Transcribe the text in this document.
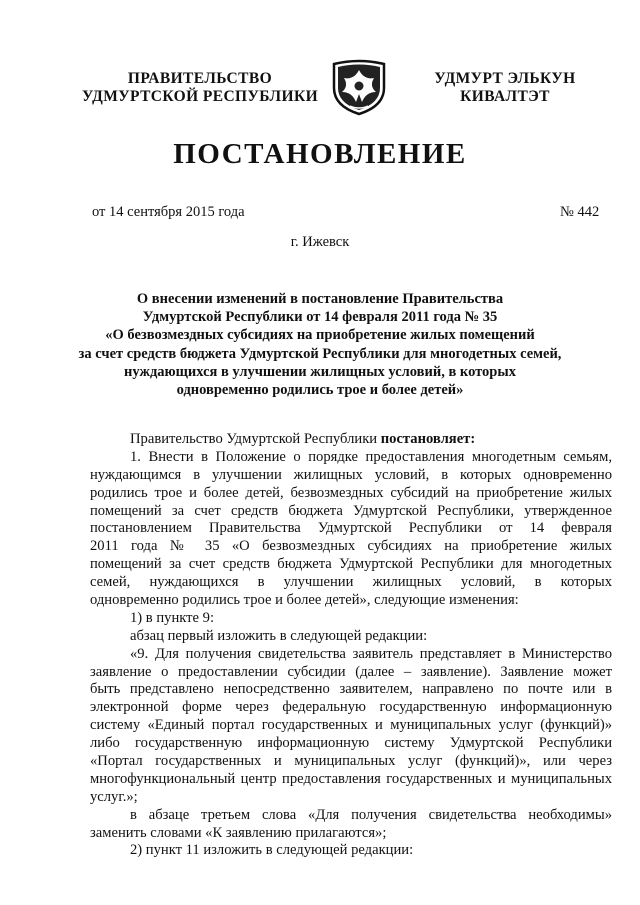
ПРАВИТЕЛЬСТВО
УДМУРТСКОЙ РЕСПУБЛИКИ
УДМУРТ ЭЛЬКУН
КИВАЛТЭТ
ПОСТАНОВЛЕНИЕ
от 14 сентября 2015 года	№ 442
г. Ижевск
О внесении изменений в постановление Правительства
Удмуртской Республики от 14 февраля 2011 года № 35
«О безвозмездных субсидиях на приобретение жилых помещений
за счет средств бюджета Удмуртской Республики для многодетных семей,
нуждающихся в улучшении жилищных условий, в которых
одновременно родились трое и более детей»
Правительство Удмуртской Республики постановляет:
1. Внести в Положение о порядке предоставления многодетным семьям,
нуждающимся в улучшении жилищных условий, в которых одновременно
родились трое и более детей, безвозмездных субсидий на приобретение жилых
помещений за счет средств бюджета Удмуртской Республики, утвержденное
постановлением Правительства Удмуртской Республики от 14 февраля
2011 года № 35 «О безвозмездных субсидиях на приобретение жилых
помещений за счет средств бюджета Удмуртской Республики для многодетных
семей, нуждающихся в улучшении жилищных условий, в которых
одновременно родились трое и более детей», следующие изменения:
1) в пункте 9:
абзац первый изложить в следующей редакции:
«9. Для получения свидетельства заявитель представляет в Министерство
заявление о предоставлении субсидии (далее – заявление). Заявление может
быть представлено непосредственно заявителем, направлено по почте или в
электронной форме через федеральную государственную информационную
систему «Единый портал государственных и муниципальных услуг (функций)»
либо государственную информационную систему Удмуртской Республики
«Портал государственных и муниципальных услуг (функций)», или через
многофункциональный центр предоставления государственных и муниципальных
услуг.»;
в абзаце третьем слова «Для получения свидетельства необходимы»
заменить словами «К заявлению прилагаются»;
2) пункт 11 изложить в следующей редакции:
